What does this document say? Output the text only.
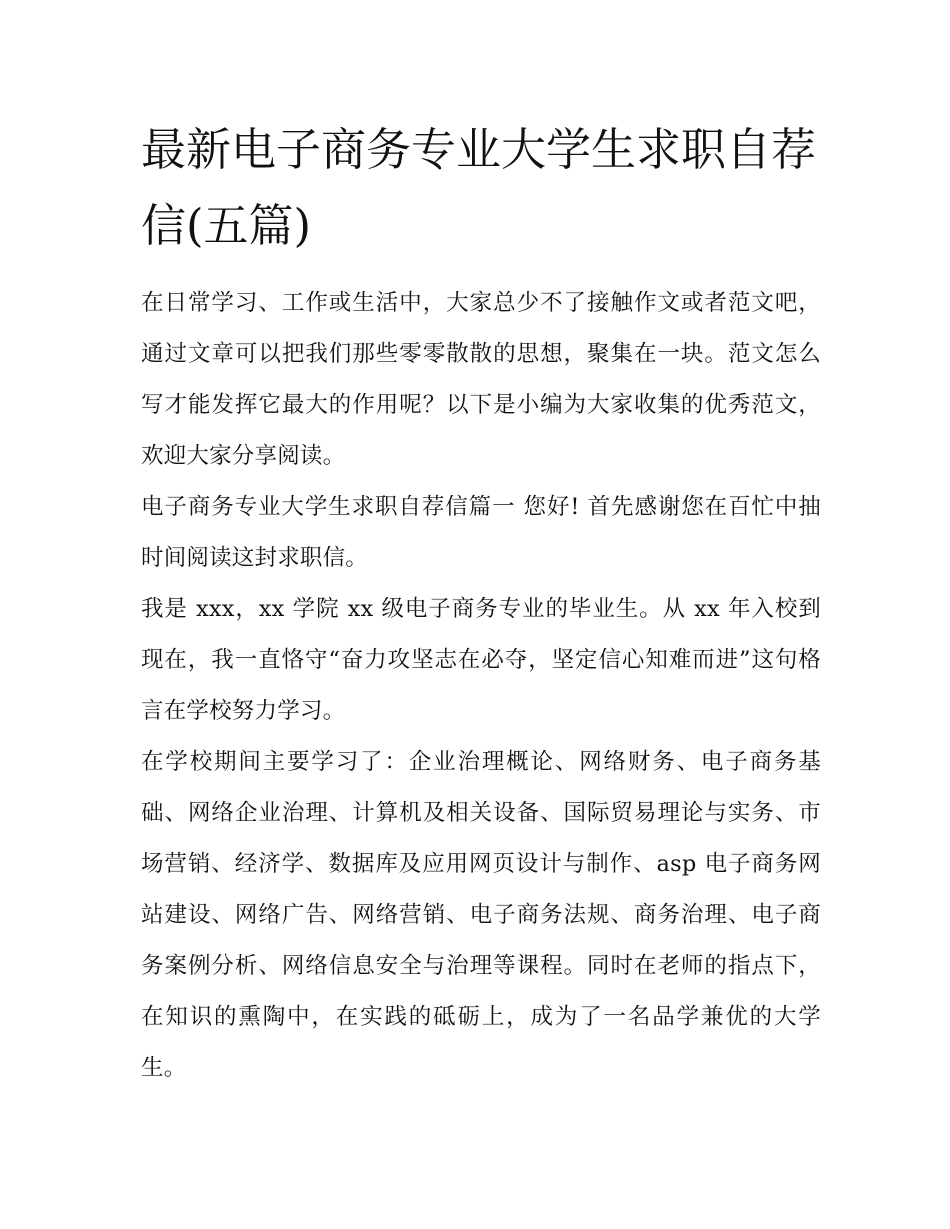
最新电子商务专业大学生求职自荐信(五篇)

在日常学习、工作或生活中，大家总少不了接触作文或者范文吧，通过文章可以把我们那些零零散散的思想，聚集在一块。范文怎么写才能发挥它最大的作用呢？以下是小编为大家收集的优秀范文，欢迎大家分享阅读。

电子商务专业大学生求职自荐信篇一 您好! 首先感谢您在百忙中抽时间阅读这封求职信。

我是 xxx，xx 学院 xx 级电子商务专业的毕业生。从 xx 年入校到现在，我一直恪守“奋力攻坚志在必夺，坚定信心知难而进”这句格言在学校努力学习。

在学校期间主要学习了：企业治理概论、网络财务、电子商务基础、网络企业治理、计算机及相关设备、国际贸易理论与实务、市场营销、经济学、数据库及应用网页设计与制作、asp 电子商务网站建设、网络广告、网络营销、电子商务法规、商务治理、电子商务案例分析、网络信息安全与治理等课程。同时在老师的指点下，在知识的熏陶中，在实践的砥砺上，成为了一名品学兼优的大学生。
